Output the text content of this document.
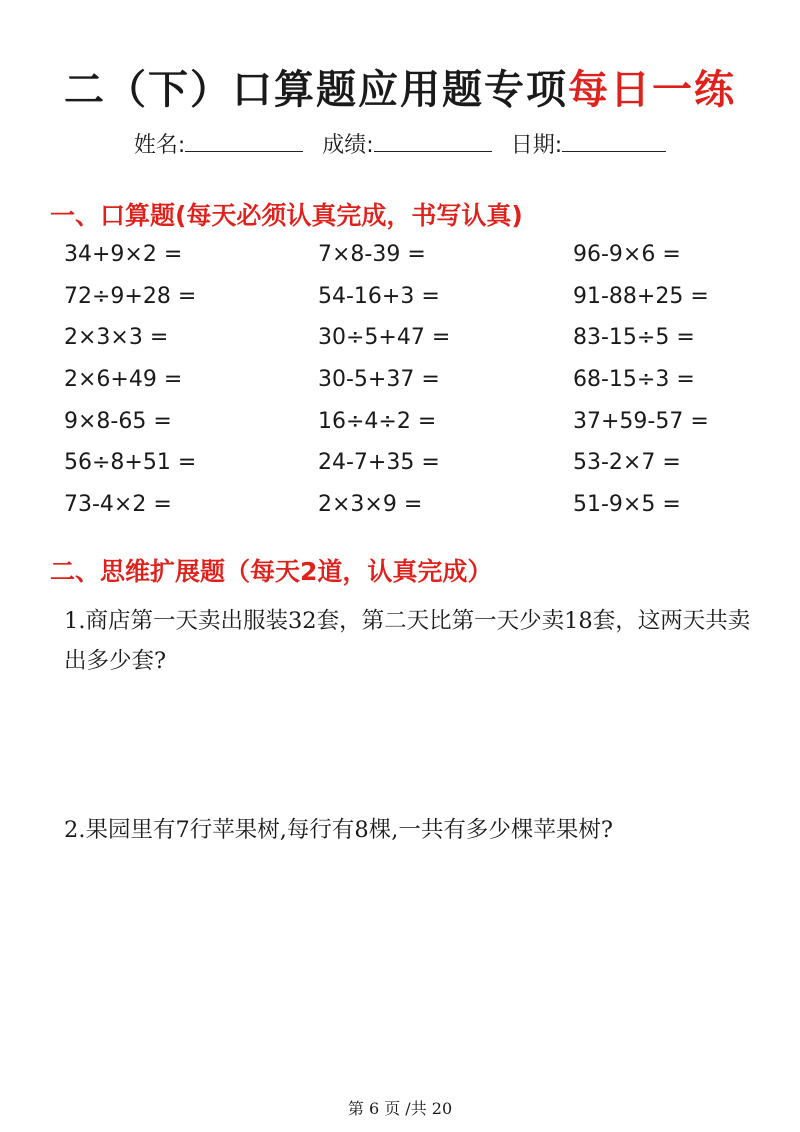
二（下）口算题应用题专项每日一练
姓名:	成绩:	日期:
一、口算题(每天必须认真完成，书写认真)
34+9×2 =	7×8-39 =	96-9×6 =
72÷9+28 =	54-16+3 =	91-88+25 =
2×3×3 =	30÷5+47 =	83-15÷5 =
2×6+49 =	30-5+37 =	68-15÷3 =
9×8-65 =	16÷4÷2 =	37+59-57 =
56÷8+51 =	24-7+35 =	53-2×7 =
73-4×2 =	2×3×9 =	51-9×5 =
二、思维扩展题（每天2道，认真完成）
1.商店第一天卖出服装32套，第二天比第一天少卖18套，这两天共卖出多少套?
2.果园里有7行苹果树,每行有8棵,一共有多少棵苹果树?
第 6 页 /共 20
